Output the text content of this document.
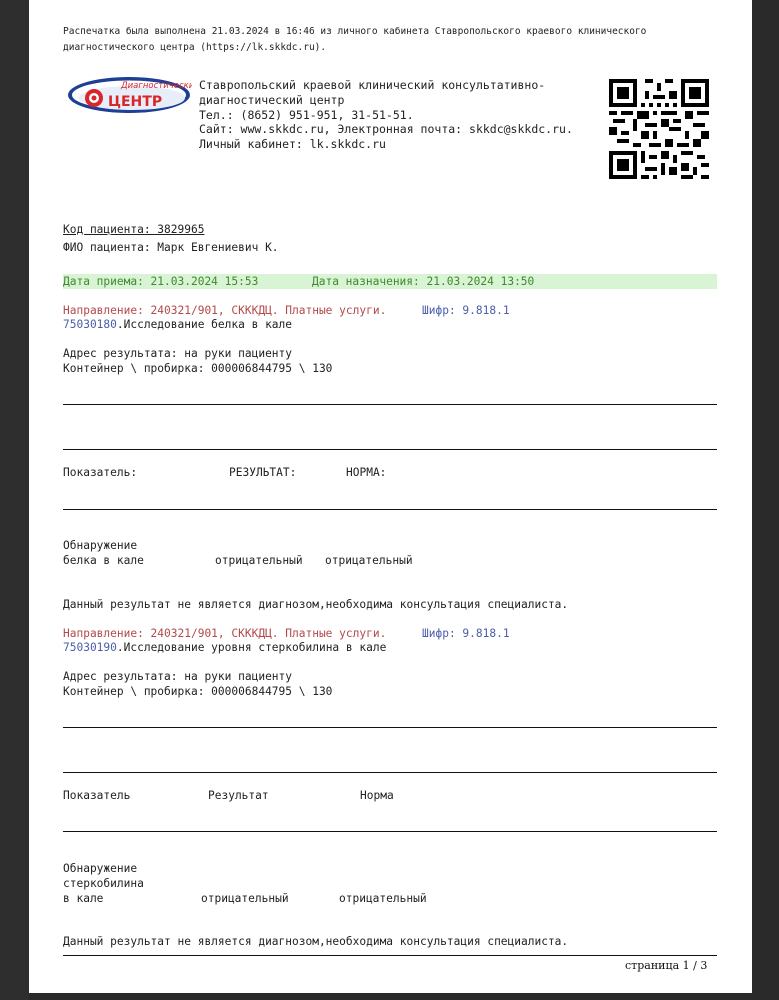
Распечатка была выполнена 21.03.2024 в 16:46 из личного кабинета Ставропольского краевого клинического
диагностического центра (https://lk.skkdc.ru).
Диагностический
ЦЕНТР
Ставропольский краевой клинический консультативно-
диагностический центр
Тел.: (8652) 951-951, 31-51-51.
Сайт: www.skkdc.ru, Электронная почта: skkdc@skkdc.ru.
Личный кабинет: lk.skkdc.ru
Код пациента: 3829965
ФИО пациента: Марк Евгениевич К.
Дата приема: 21.03.2024 15:53	Дата назначения: 21.03.2024 13:50
Направление: 240321/901, СКККДЦ. Платные услуги.	Шифр: 9.818.1
75030180.Исследование белка в кале
Адрес результата: на руки пациенту
Контейнер \ пробирка: 000006844795 \ 130
Показатель:	РЕЗУЛЬТАТ:	НОРМА:
Обнаружение
белка в кале	отрицательный отрицательный
Данный результат не является диагнозом,необходима консультация специалиста.
Направление: 240321/901, СКККДЦ. Платные услуги.	Шифр: 9.818.1
75030190.Исследование уровня стеркобилина в кале
Адрес результата: на руки пациенту
Контейнер \ пробирка: 000006844795 \ 130
Показатель	Результат	Норма
Обнаружение
стеркобилина
в кале	отрицательный	отрицательный
Данный результат не является диагнозом,необходима консультация специалиста.
страница 1 / 3
